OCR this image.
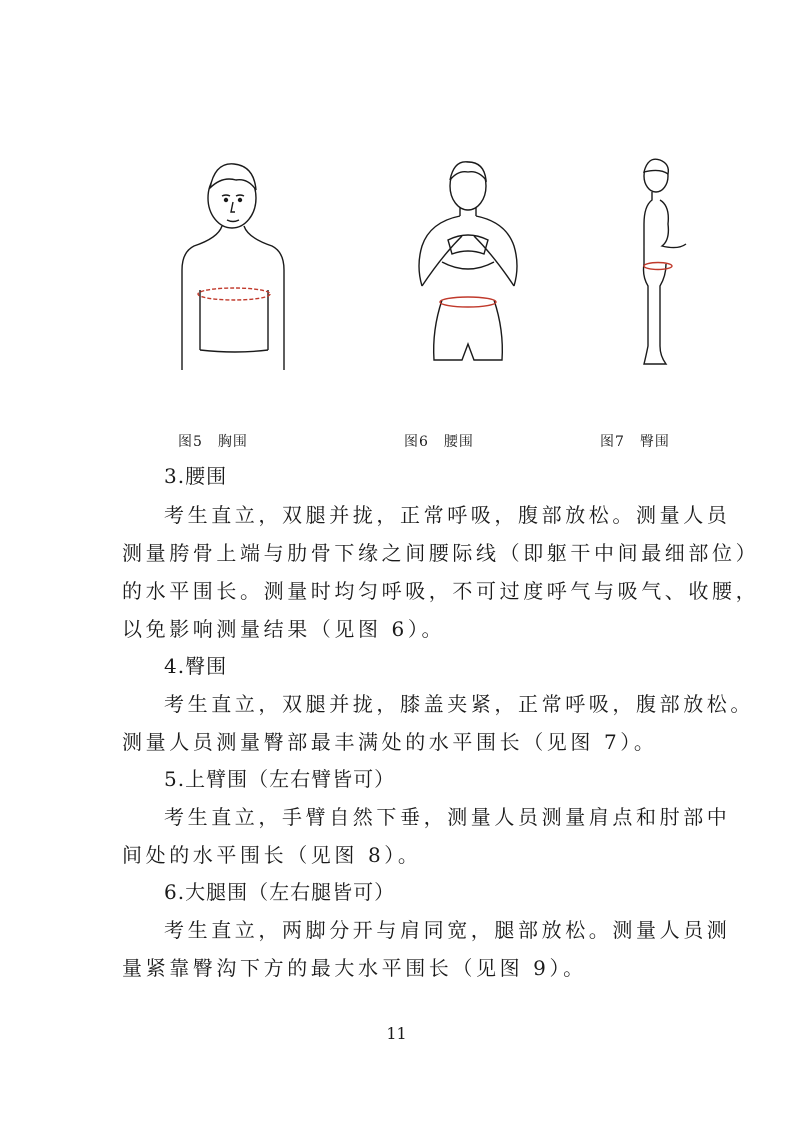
图5　胸围	图6　腰围	图7　臀围
3.腰围
考生直立，双腿并拢，正常呼吸，腹部放松。测量人员
测量胯骨上端与肋骨下缘之间腰际线（即躯干中间最细部位）
的水平围长。测量时均匀呼吸，不可过度呼气与吸气、收腰，
以免影响测量结果（见图 6）。
4.臀围
考生直立，双腿并拢，膝盖夹紧，正常呼吸，腹部放松。
测量人员测量臀部最丰满处的水平围长（见图 7）。
5.上臂围（左右臂皆可）
考生直立，手臂自然下垂，测量人员测量肩点和肘部中
间处的水平围长（见图 8）。
6.大腿围（左右腿皆可）
考生直立，两脚分开与肩同宽，腿部放松。测量人员测
量紧靠臀沟下方的最大水平围长（见图 9）。
11
